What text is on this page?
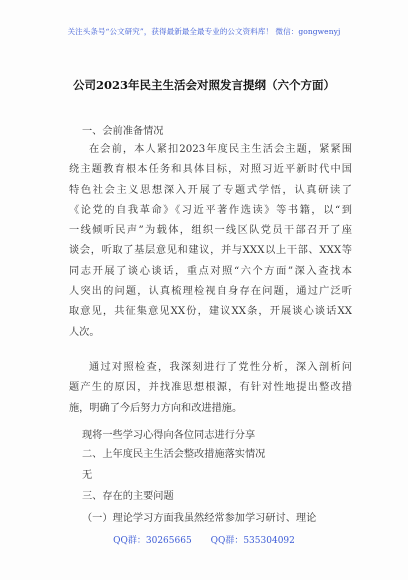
关注头条号“公文研究”，获得最新最全最专业的公文资料库！ 微信：gongwenyj
公司2023年民主生活会对照发言提纲（六个方面）
一、会前准备情况
在会前，本人紧扣2023年度民主生活会主题，紧紧围
绕主题教育根本任务和具体目标，对照习近平新时代中国
特色社会主义思想深入开展了专题式学悟，认真研读了
《论党的自我革命》《习近平著作选读》等书籍，以“到
一线倾听民声”为载体，组织一线区队党员干部召开了座
谈会，听取了基层意见和建议，并与XXX以上干部、XXX等
同志开展了谈心谈话，重点对照“六个方面”深入查找本
人突出的问题，认真梳理检视自身存在问题，通过广泛听
取意见，共征集意见XX份，建议XX条，开展谈心谈话XX
人次。
通过对照检查，我深刻进行了党性分析，深入剖析问
题产生的原因，并找准思想根源，有针对性地提出整改措
施，明确了今后努力方向和改进措施。
现将一些学习心得向各位同志进行分享
二、上年度民主生活会整改措施落实情况
无
三、存在的主要问题
（一）理论学习方面我虽然经常参加学习研讨、理论
QQ群：30265665 QQ群：535304092
